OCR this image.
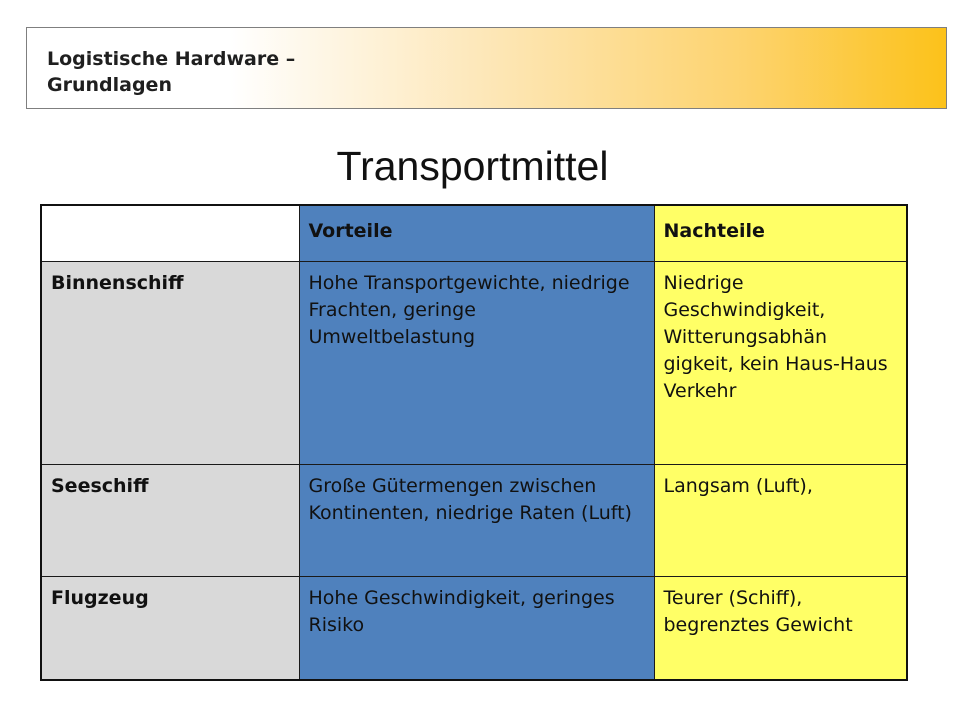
Logistische Hardware –
Grundlagen
Transportmittel
	Vorteile	Nachteile
Binnenschiff	Hohe Transportgewichte, niedrige Frachten, geringe Umweltbelastung	Niedrige Geschwindigkeit, Witterungsabhän gigkeit, kein Haus-Haus Verkehr
Seeschiff	Große Gütermengen zwischen Kontinenten, niedrige Raten (Luft)	Langsam (Luft),
Flugzeug	Hohe Geschwindigkeit, geringes Risiko	Teurer (Schiff), begrenztes Gewicht
